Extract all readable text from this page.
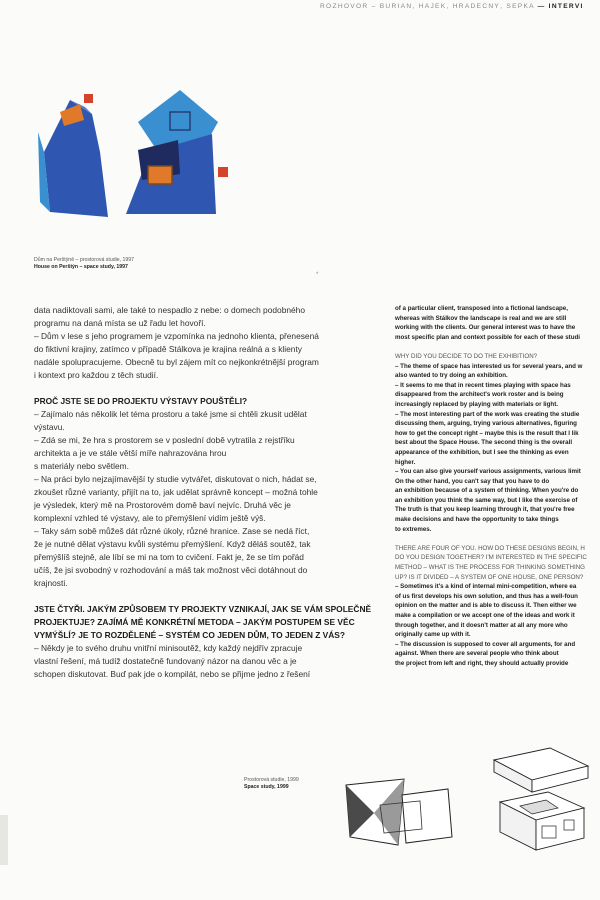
ROZHOVOR – BURIAN, HÁJEK, HRADEČNÝ, ŠEPKA — INTERVI
Dům na Perštýně – prostorová studie, 1997
House on Perštýn – space study, 1997
*

data nadiktovali sami, ale také to nespadlo z nebe: o domech podobného

programu na daná místa se už řadu let hovoří.

– Dům v lese s jeho programem je vzpomínka na jednoho klienta, přenesená

do fiktivní krajiny, zatímco v případě Stálkova je krajina reálná a s klienty

nadále spolupracujeme. Obecně tu byl zájem mít co nejkonkrétnější program

i kontext pro každou z těch studií.

PROČ JSTE SE DO PROJEKTU VÝSTAVY POUŠTĚLI?

– Zajímalo nás několik let téma prostoru a také jsme si chtěli zkusit udělat

výstavu.

– Zdá se mi, že hra s prostorem se v poslední době vytratila z rejstříku

architekta a je ve stále větší míře nahrazována hrou

s materiály nebo světlem.

– Na práci bylo nejzajímavější ty studie vytvářet, diskutovat o nich, hádat se,

zkoušet různé varianty, přijít na to, jak udělat správně koncept – možná tohle

je výsledek, který mě na Prostorovém domě baví nejvíc. Druhá věc je

komplexní vzhled té výstavy, ale to přemýšlení vidím ještě výš.

– Taky sám sobě můžeš dát různé úkoly, různé hranice. Zase se nedá říct,

že je nutné dělat výstavu kvůli systému přemýšlení. Když děláš soutěž, tak

přemýšlíš stejně, ale líbí se mi na tom to cvičení. Fakt je, že se tím pořád

učíš, že jsi svobodný v rozhodování a máš tak možnost věci dotáhnout do

krajnosti.

JSTE ČTYŘI. JAKÝM ZPŮSOBEM TY PROJEKTY VZNIKAJÍ, JAK SE VÁM SPOLEČNĚ

PROJEKTUJE? ZAJÍMÁ MĚ KONKRÉTNÍ METODA – JAKÝM POSTUPEM SE VĚC

VYMÝŠLÍ? JE TO ROZDĚLENÉ – SYSTÉM CO JEDEN DŮM, TO JEDEN Z VÁS?

– Někdy je to svého druhu vnitřní minisoutěž, kdy každý nejdřív zpracuje

vlastní řešení, má tudíž dostatečně fundovaný názor na danou věc a je

schopen diskutovat. Buď pak jde o kompilát, nebo se přijme jedno z řešení

of a particular client, transposed into a fictional landscape,

whereas with Stálkov the landscape is real and we are still

working with the clients. Our general interest was to have the

most specific plan and context possible for each of these studi

WHY DID YOU DECIDE TO DO THE EXHIBITION?

– The theme of space has interested us for several years, and w

also wanted to try doing an exhibition.

– It seems to me that in recent times playing with space has

disappeared from the architect's work roster and is being

increasingly replaced by playing with materials or light.

– The most interesting part of the work was creating the studie

discussing them, arguing, trying various alternatives, figuring

how to get the concept right – maybe this is the result that I lik

best about the Space House. The second thing is the overall

appearance of the exhibition, but I see the thinking as even

higher.

– You can also give yourself various assignments, various limit

On the other hand, you can't say that you have to do

an exhibition because of a system of thinking. When you're do

an exhibition you think the same way, but I like the exercise of

The truth is that you keep learning through it, that you're free

make decisions and have the opportunity to take things

to extremes.

THERE ARE FOUR OF YOU. HOW DO THESE DESIGNS BEGIN, H

DO YOU DESIGN TOGETHER? I'M INTERESTED IN THE SPECIFIC

METHOD – WHAT IS THE PROCESS FOR THINKING SOMETHING

UP? IS IT DIVIDED – A SYSTEM OF ONE HOUSE, ONE PERSON?

– Sometimes it's a kind of internal mini-competition, where ea

of us first develops his own solution, and thus has a well-foun

opinion on the matter and is able to discuss it. Then either we

make a compilation or we accept one of the ideas and work it

through together, and it doesn't matter at all any more who

originally came up with it.

– The discussion is supposed to cover all arguments, for and

against. When there are several people who think about

the project from left and right, they should actually provide

Prostorová studie, 1999
Space study, 1999
